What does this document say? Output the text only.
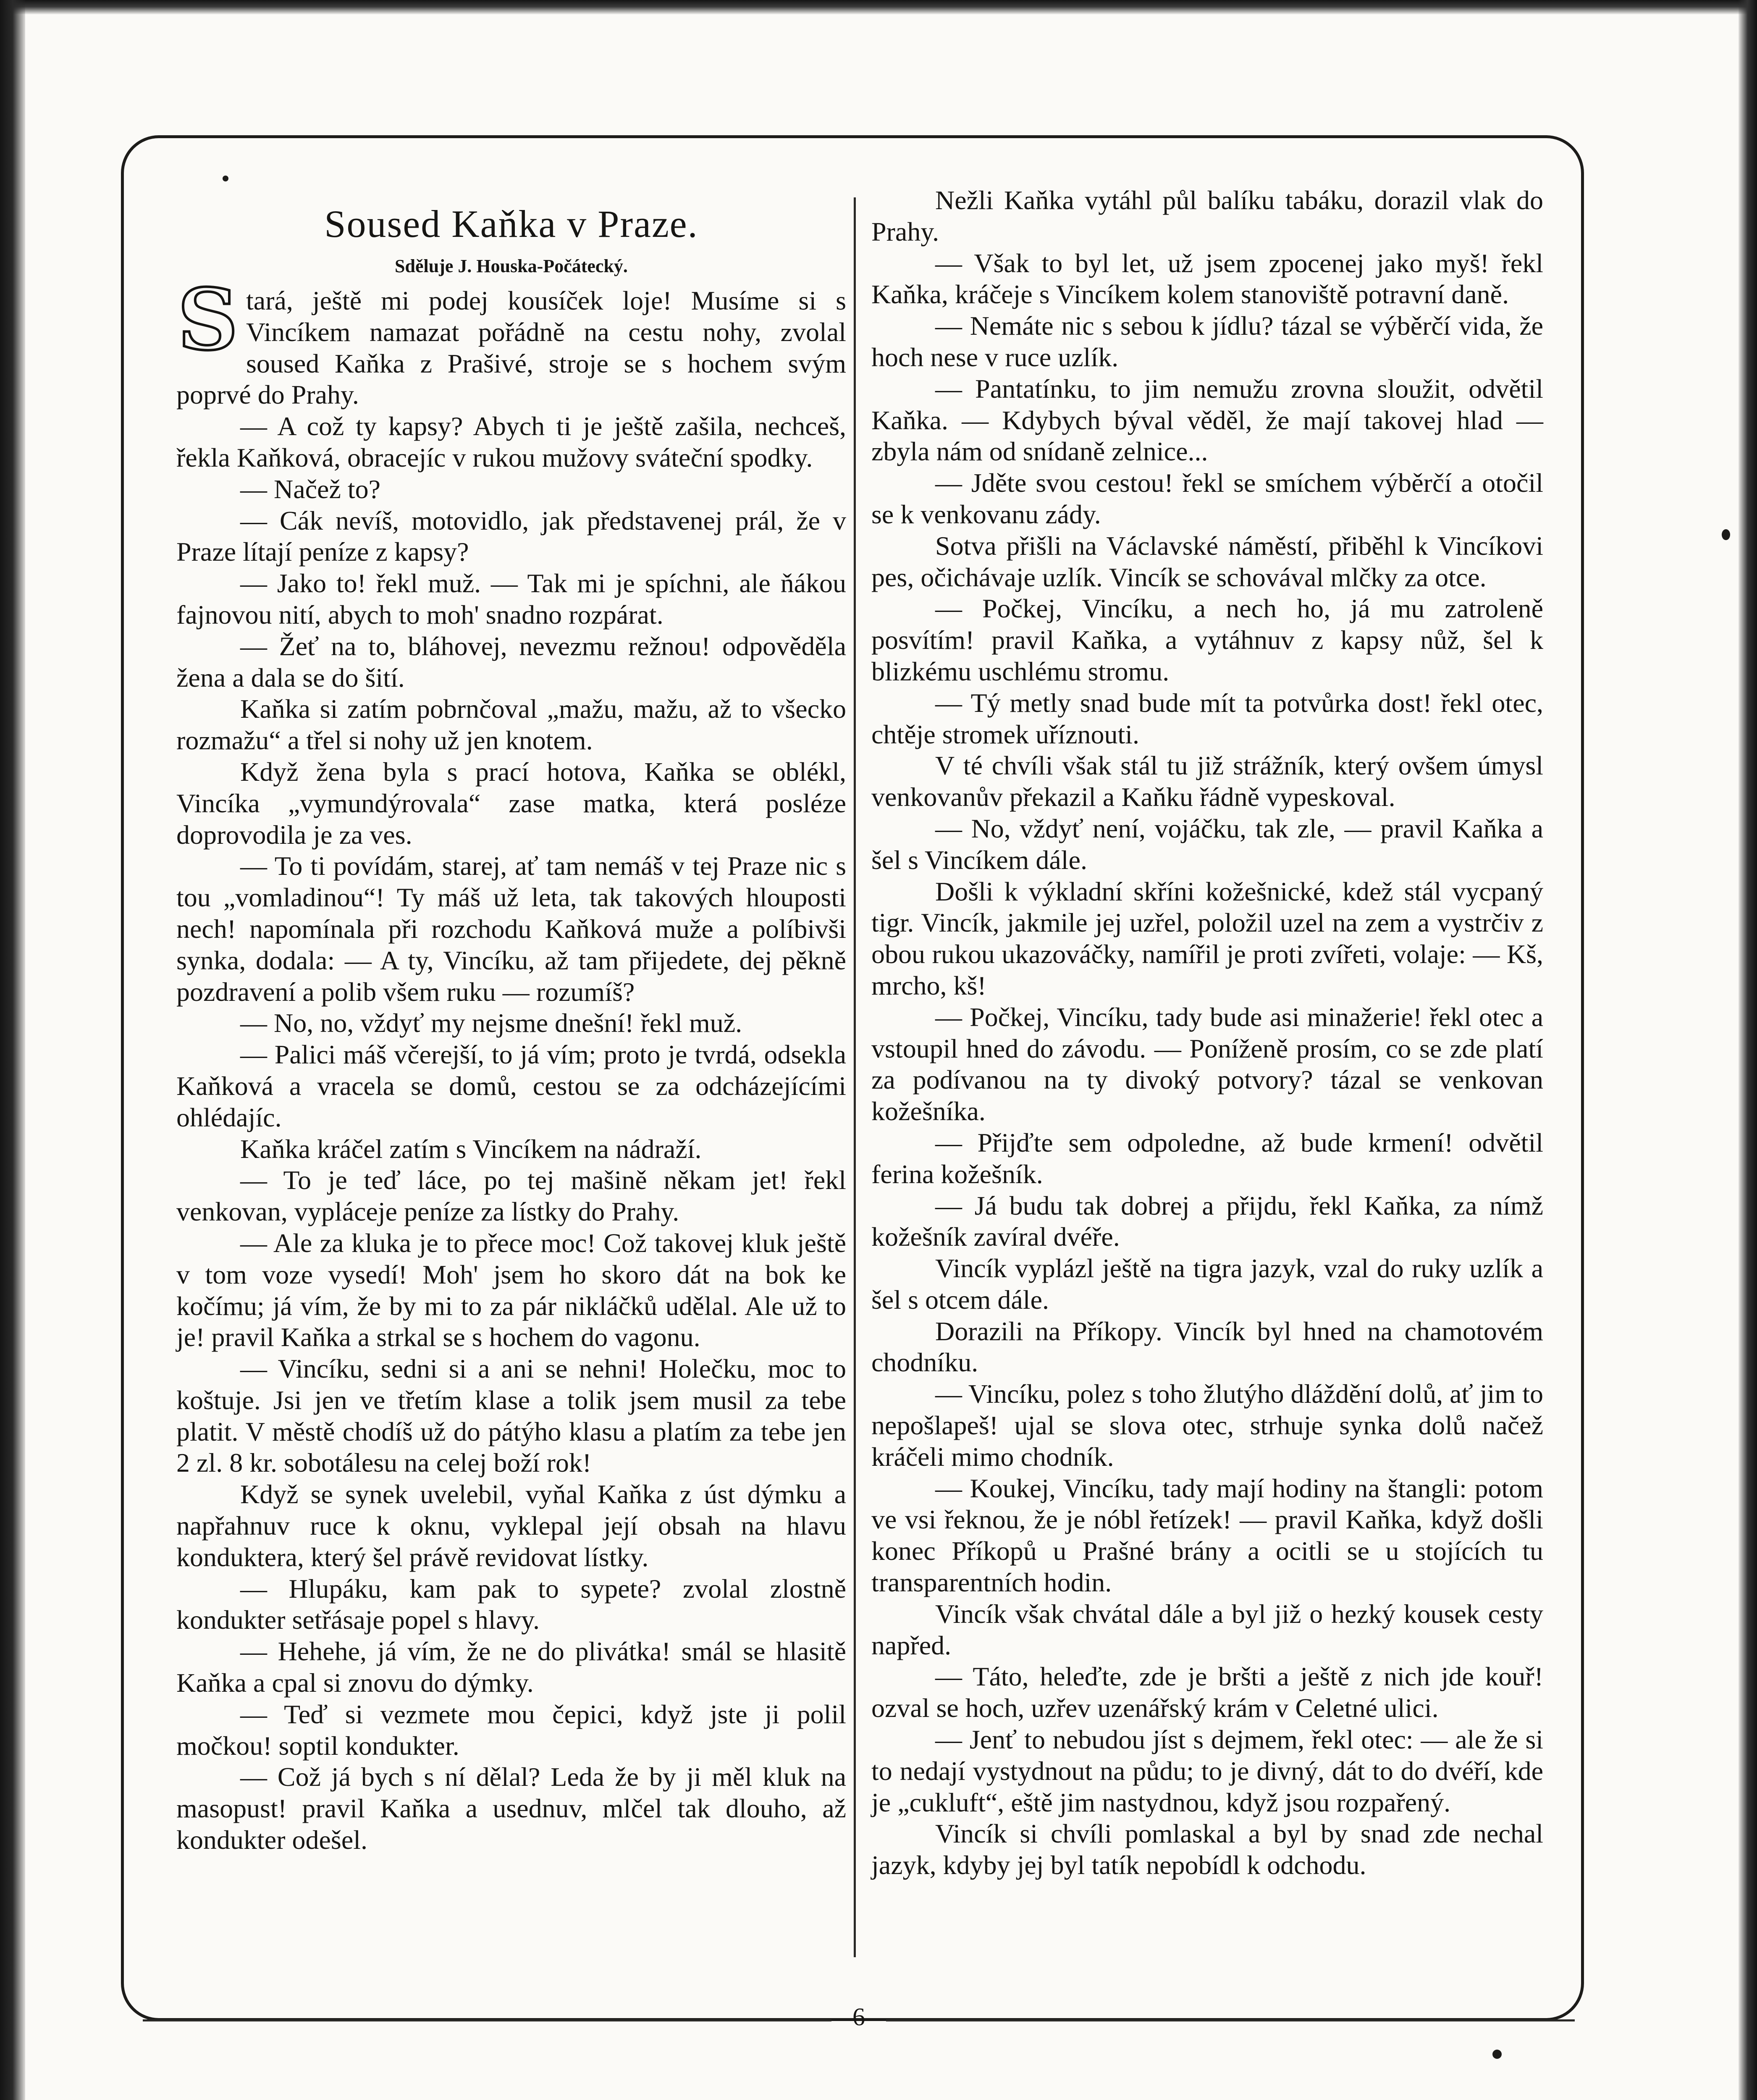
Soused Kaňka v Praze.
Sděluje J. Houska-Počátecký.

Stará, ještě mi podej kousíček loje! Musíme si s Vincíkem namazat pořádně na cestu nohy, zvolal soused Kaňka z Prašivé, stroje se s hochem svým poprvé do Prahy.

— A což ty kapsy? Abych ti je ještě zašila, nechceš, řekla Kaňková, obracejíc v rukou mužovy sváteční spodky.

— Načež to?

— Cák nevíš, motovidlo, jak představenej prál, že v Praze lítají peníze z kapsy?

— Jako to! řekl muž. — Tak mi je spíchni, ale ňákou fajnovou nití, abych to moh' snadno rozpárat.

— Žeť na to, bláhovej, nevezmu režnou! odpověděla žena a dala se do šití.

Kaňka si zatím pobrnčoval „mažu, mažu, až to všecko rozmažu“ a třel si nohy už jen knotem.

Když žena byla s prací hotova, Kaňka se oblékl, Vincíka „vymundýrovala“ zase matka, která posléze doprovodila je za ves.

— To ti povídám, starej, ať tam nemáš v tej Praze nic s tou „vomladinou“! Ty máš už leta, tak takových hlouposti nech! napomínala při rozchodu Kaňková muže a políbivši synka, dodala: — A ty, Vincíku, až tam přijedete, dej pěkně pozdravení a polib všem ruku — rozumíš?

— No, no, vždyť my nejsme dnešní! řekl muž.

— Palici máš včerejší, to já vím; proto je tvrdá, odsekla Kaňková a vracela se domů, cestou se za odcházejícími ohlédajíc.

Kaňka kráčel zatím s Vincíkem na nádraží.

— To je teď láce, po tej mašině někam jet! řekl venkovan, vypláceje peníze za lístky do Prahy.

— Ale za kluka je to přece moc! Což takovej kluk ještě v tom voze vysedí! Moh' jsem ho skoro dát na bok ke kočímu; já vím, že by mi to za pár nikláčků udělal. Ale už to je! pravil Kaňka a strkal se s hochem do vagonu.

— Vincíku, sedni si a ani se nehni! Holečku, moc to koštuje. Jsi jen ve třetím klase a tolik jsem musil za tebe platit. V městě chodíš už do pátýho klasu a platím za tebe jen 2 zl. 8 kr. sobotálesu na celej boží rok!

Když se synek uvelebil, vyňal Kaňka z úst dýmku a napřahnuv ruce k oknu, vyklepal její obsah na hlavu konduktera, který šel právě revidovat lístky.

— Hlupáku, kam pak to sypete? zvolal zlostně kondukter setřásaje popel s hlavy.

— Hehehe, já vím, že ne do plivátka! smál se hlasitě Kaňka a cpal si znovu do dýmky.

— Teď si vezmete mou čepici, když jste ji polil močkou! soptil kondukter.

— Což já bych s ní dělal? Leda že by ji měl kluk na masopust! pravil Kaňka a usednuv, mlčel tak dlouho, až kondukter odešel.

Nežli Kaňka vytáhl půl balíku tabáku, dorazil vlak do Prahy.

— Však to byl let, už jsem zpocenej jako myš! řekl Kaňka, kráčeje s Vincíkem kolem stanoviště potravní daně.

— Nemáte nic s sebou k jídlu? tázal se výběrčí vida, že hoch nese v ruce uzlík.

— Pantatínku, to jim nemužu zrovna sloužit, odvětil Kaňka. — Kdybych býval věděl, že mají takovej hlad — zbyla nám od snídaně zelnice...

— Jděte svou cestou! řekl se smíchem výběrčí a otočil se k venkovanu zády.

Sotva přišli na Václavské náměstí, přiběhl k Vincíkovi pes, očichávaje uzlík. Vincík se schovával mlčky za otce.

— Počkej, Vincíku, a nech ho, já mu zatroleně posvítím! pravil Kaňka, a vytáhnuv z kapsy nůž, šel k blizkému uschlému stromu.

— Tý metly snad bude mít ta potvůrka dost! řekl otec, chtěje stromek uříznouti.

V té chvíli však stál tu již strážník, který ovšem úmysl venkovanův překazil a Kaňku řádně vypeskoval.

— No, vždyť není, vojáčku, tak zle, — pravil Kaňka a šel s Vincíkem dále.

Došli k výkladní skříni kožešnické, kdež stál vycpaný tigr. Vincík, jakmile jej uzřel, položil uzel na zem a vystrčiv z obou rukou ukazováčky, namířil je proti zvířeti, volaje: — Kš, mrcho, kš!

— Počkej, Vincíku, tady bude asi minažerie! řekl otec a vstoupil hned do závodu. — Poníženě prosím, co se zde platí za podívanou na ty divoký potvory? tázal se venkovan kožešníka.

— Přijďte sem odpoledne, až bude krmení! odvětil ferina kožešník.

— Já budu tak dobrej a přijdu, řekl Kaňka, za nímž kožešník zavíral dvéře.

Vincík vyplázl ještě na tigra jazyk, vzal do ruky uzlík a šel s otcem dále.

Dorazili na Příkopy. Vincík byl hned na chamotovém chodníku.

— Vincíku, polez s toho žlutýho dláždění dolů, ať jim to nepošlapeš! ujal se slova otec, strhuje synka dolů načež kráčeli mimo chodník.

— Koukej, Vincíku, tady mají hodiny na štangli: potom ve vsi řeknou, že je nóbl řetízek! — pravil Kaňka, když došli konec Příkopů u Prašné brány a ocitli se u stojících tu transparentních hodin.

Vincík však chvátal dále a byl již o hezký kousek cesty napřed.

— Táto, heleďte, zde je bršti a ještě z nich jde kouř! ozval se hoch, uzřev uzenářský krám v Celetné ulici.

— Jenť to nebudou jíst s dejmem, řekl otec: — ale že si to nedají vystydnout na půdu; to je divný, dát to do dvéří, kde je „cukluft“, eště jim nastydnou, když jsou rozpařený.

Vincík si chvíli pomlaskal a byl by snad zde nechal jazyk, kdyby jej byl tatík nepobídl k odchodu.

6
